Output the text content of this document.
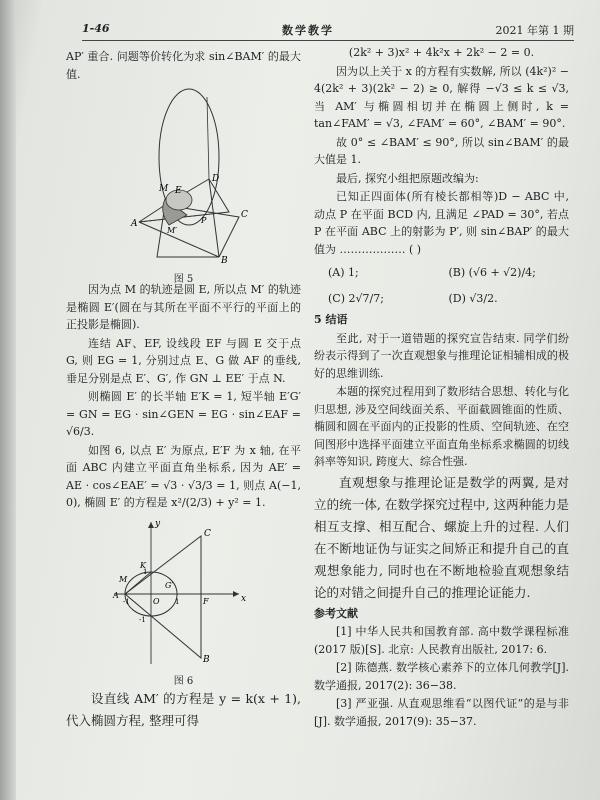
1-46	数学教学	2021 年第 1 期

AP′ 重合. 问题等价转化为求 sin∠BAM′ 的最大值.

M
D
E
B
A
C
M′
P
图 5

因为点 M 的轨迹是圆 E, 所以点 M′ 的轨迹是椭圆 E′(圆在与其所在平面不平行的平面上的正投影是椭圆).

连结 AF、EF, 设线段 EF 与圆 E 交于点 G, 则 EG = 1, 分别过点 E、G 做 AF 的垂线, 垂足分别是点 E′、G′, 作 GN ⊥ EE′ 于点 N.

则椭圆 E′ 的长半轴 E′K = 1, 短半轴 E′G′ = GN = EG · sin∠GEN = EG · sin∠EAF = √6/3.

如图 6, 以点 E′ 为原点, E′F 为 x 轴, 在平面 ABC 内建立平面直角坐标系, 因为 AE′ = AE · cos∠EAE′ = √3 · √3/3 = 1, 则点 A(−1, 0), 椭圆 E′ 的方程是 x²/(2/3) + y² = 1.

y
x
C
K
M
A
O
G′
F
B
1
-1
1
-1
图 6

设直线 AM′ 的方程是 y = k(x + 1), 代入椭圆方程, 整理可得

(2k² + 3)x² + 4k²x + 2k² − 2 = 0.

因为以上关于 x 的方程有实数解, 所以 (4k²)² − 4(2k² + 3)(2k² − 2) ≥ 0, 解得 −√3 ≤ k ≤ √3, 当 AM′ 与椭圆相切并在椭圆上侧时, k = tan∠FAM′ = √3, ∠FAM′ = 60°, ∠BAM′ = 90°.

故 0° ≤ ∠BAM′ ≤ 90°, 所以 sin∠BAM′ 的最大值是 1.

最后, 探究小组把原题改编为:

已知正四面体(所有棱长都相等)D − ABC 中, 动点 P 在平面 BCD 内, 且满足 ∠PAD = 30°, 若点 P 在平面 ABC 上的射影为 P′, 则 sin∠BAP′ 的最大值为 ……………… ( )

(A) 1;	(B) (√6 + √2)/4;
(C) 2√7/7;	(D) √3/2.

5 结语

至此, 对于一道错题的探究宣告结束. 同学们纷纷表示得到了一次直观想象与推理论证相辅相成的极好的思维训练.

本题的探究过程用到了数形结合思想、转化与化归思想, 涉及空间线面关系、平面截圆锥面的性质、椭圆和圆在平面内的正投影的性质、空间轨迹、在空间图形中选择平面建立平面直角坐标系求椭圆的切线斜率等知识, 跨度大、综合性强.

直观想象与推理论证是数学的两翼, 是对立的统一体, 在数学探究过程中, 这两种能力是相互支撑、相互配合、螺旋上升的过程. 人们在不断地证伪与证实之间矫正和提升自己的直观想象能力, 同时也在不断地检验直观想象结论的对错之间提升自己的推理论证能力.

参考文献

[1] 中华人民共和国教育部. 高中数学课程标准(2017 版)[S]. 北京: 人民教育出版社, 2017: 6.

[2] 陈德燕. 数学核心素养下的立体几何教学[J]. 数学通报, 2017(2): 36−38.

[3] 严亚强. 从直观思维看“以图代证”的是与非[J]. 数学通报, 2017(9): 35−37.
